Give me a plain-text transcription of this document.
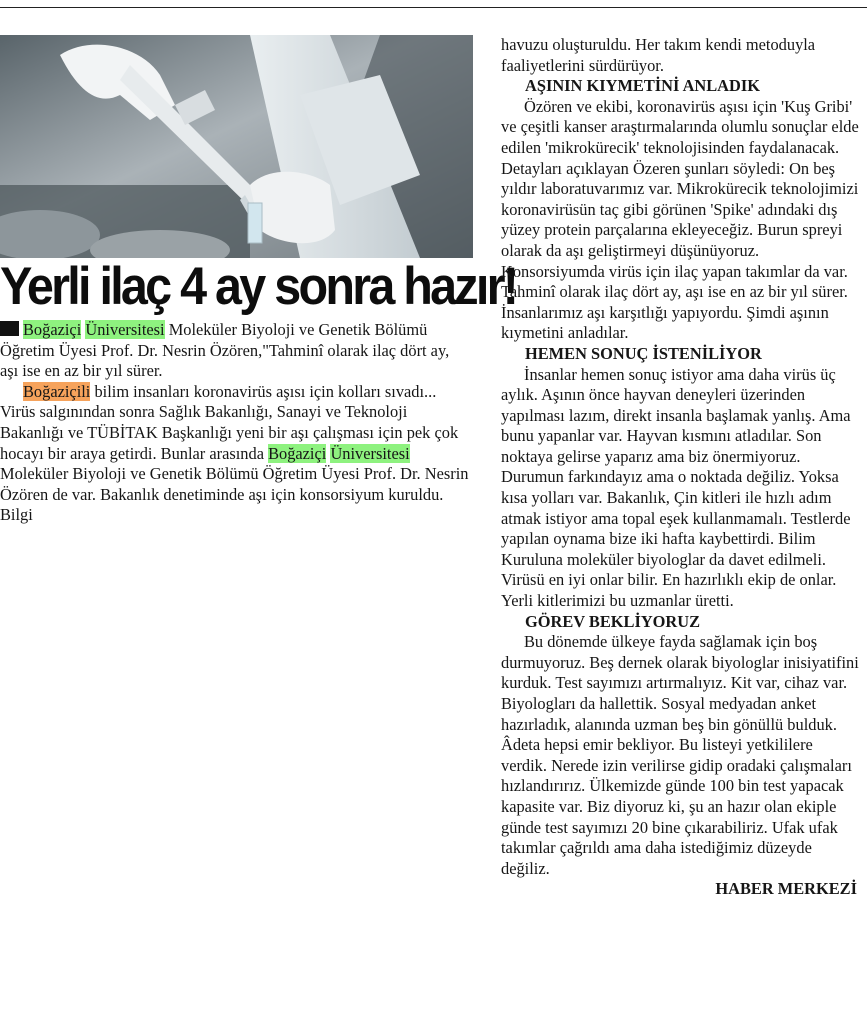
Yerli ilaç 4 ay sonra hazır!

Boğaziçi Üniversitesi Moleküler Biyoloji ve Genetik Bölümü Öğretim Üyesi Prof. Dr. Nesrin Özören,"Tahminî olarak ilaç dört ay, aşı ise en az bir yıl sürer.

Boğaziçili bilim insanları koronavirüs aşısı için kolları sıvadı... Virüs salgınından sonra Sağlık Bakanlığı, Sanayi ve Teknoloji Bakanlığı ve TÜBİTAK Başkanlığı yeni bir aşı çalışması için pek çok hocayı bir araya getirdi. Bunlar arasında Boğaziçi Üniversitesi Moleküler Biyoloji ve Genetik Bölümü Öğretim Üyesi Prof. Dr. Nesrin Özören de var. Bakanlık denetiminde aşı için konsorsiyum kuruldu. Bilgi

havuzu oluşturuldu. Her takım kendi metoduyla faaliyetlerini sürdürüyor.

AŞININ KIYMETİNİ ANLADIK

Özören ve ekibi, koronavirüs aşısı için 'Kuş Gribi' ve çeşitli kanser araştırmalarında olumlu sonuçlar elde edilen 'mikrokürecik' teknolojisinden faydalanacak. Detayları açıklayan Özeren şunları söyledi: On beş yıldır laboratuvarımız var. Mikrokürecik teknolojimizi koronavirüsün taç gibi görünen 'Spike' adındaki dış yüzey protein parçalarına ekleyeceğiz. Burun spreyi olarak da aşı geliştirmeyi düşünüyoruz. Konsorsiyumda virüs için ilaç yapan takımlar da var. Tahminî olarak ilaç dört ay, aşı ise en az bir yıl sürer. İnsanlarımız aşı karşıtlığı yapıyordu. Şimdi aşının kıymetini anladılar.

HEMEN SONUÇ İSTENİLİYOR

İnsanlar hemen sonuç istiyor ama daha virüs üç aylık. Aşının önce hayvan deneyleri üzerinden yapılması lazım, direkt insanla başlamak yanlış. Ama bunu yapanlar var. Hayvan kısmını atladılar. Son noktaya gelirse yaparız ama biz önermiyoruz. Durumun farkındayız ama o noktada değiliz. Yoksa kısa yolları var. Bakanlık, Çin kitleri ile hızlı adım atmak istiyor ama topal eşek kullanmamalı. Testlerde yapılan oynama bize iki hafta kaybettirdi. Bilim Kuruluna moleküler biyologlar da davet edilmeli. Virüsü en iyi onlar bilir. En hazırlıklı ekip de onlar. Yerli kitlerimizi bu uzmanlar üretti.

GÖREV BEKLİYORUZ

Bu dönemde ülkeye fayda sağlamak için boş durmuyoruz. Beş dernek olarak biyologlar inisiyatifini kurduk. Test sayımızı artırmalıyız. Kit var, cihaz var. Biyologları da hallettik. Sosyal medyadan anket hazırladık, alanında uzman beş bin gönüllü bulduk. Âdeta hepsi emir bekliyor. Bu listeyi yetkililere verdik. Nerede izin verilirse gidip oradaki çalışmaları hızlandırırız. Ülkemizde günde 100 bin test yapacak kapasite var. Biz diyoruz ki, şu an hazır olan ekiple günde test sayımızı 20 bine çıkarabiliriz. Ufak ufak takımlar çağrıldı ama daha istediğimiz düzeyde değiliz.

HABER MERKEZİ
